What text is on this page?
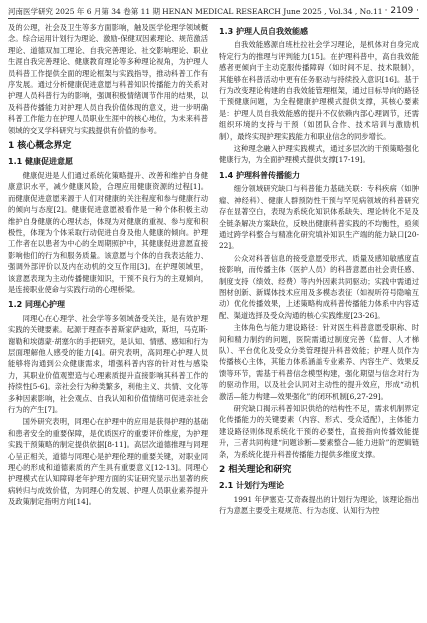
河南医学研究 2025 年 6 月第 34 卷第 11 期 HENAN MEDICAL RESEARCH June 2025 , Vol.34 , No.11 · 2109 ·

及的公理，社会及卫生等多方面影响，触及医学伦理学领域概念。综合运用计划行为理论、激励-保健双因素理论、规范激活理论、道德双加工理论、自我完善理论、社交影响理论、职业生涯自我完善理论、健康教育理论等多种理论视角，为护理人员科普工作提供全面的理论框架与实践指导，推动科普工作有序发展。通过分析健康促进意愿与科普知识传播能力的关系对护理人员科普行为的影响，强调积极情绪调节作用的结果，以及科普传播能力对护理人员自我价值体现的意义，进一步明确科普工作能力在护理人员职业生涯中的核心地位，为未来科普领域的交叉学科研究与实践提供有价值的参考。

1 核心概念界定
1.1 健康促进意愿

健康促进是人们通过系统化策略提升、改善和维护自身健康意识水平，减少健康风险，合理应用健康资源的过程[1]。而健康促进意愿来源于人们对健康的关注程度和参与健康行动的倾向与态度[2]。健康促进意愿被看作是一种个体积极主动维护自身健康的心理状态，体现为对健康的重视、参与度和积极性，体现为个体采取行动促进自身及他人健康的倾向。护理工作者在以患者为中心的全周期照护中，其健康促进意愿直接影响他们的行为和服务质量。该意愿与个体的自我表达能力、强调外部评价以及内在动机的交互作用[3]。在护理领域里，该意愿表现为主动传播健康知识，干预不良行为的主观倾向，是连接职业使命与实践行动的心理桥梁。

1.2 同理心护理

同理心在心理学、社会学等多领域备受关注，是有效护理实践的关键要素。起源于理查李普斯家萨迪欧，斯坦，马克斯·谢勒和埃德蒙·胡塞尔的手把研究，是认知、情感、感知和行为层面理解他人感受的能力[4]。研究表明，高同理心护理人员能够将沟通到公众健康需求，增强科普内容的针对性与感染力，其职业价值观塑造与心理素质提升直接影响其科普工作的持续性[5-6]。亲社会行为种类繁多，利他主义、共情、文化等多种因素影响，社会观点、自我认知和价值情绪可促进亲社会行为的产生[7]。

国外研究表明，同理心在护理中的应用是获得护理的基础和患者安全的重要保障，是优质医疗的重要评价维度，为护理实践干预策略的制定提供依据[8-11]。高层次道德推理与同理心呈正相关，道德与同理心是护理伦理的重要关键，对职业同理心的形成和道德素质的产生具有重要意义[12-13]。同理心护理模式在认知障碍老年护理方面的实证研究显示出显著的疾病转归与成效价值，为同理心的发展、护理人员职业素养提升及政策制定指明方向[14]。

1.3 护理人员自我效能感

自我效能感源自班杜拉社会学习理论，是机体对自身完成特定行为的推理与评判能力[15]。在护理科普中，高自我效能感者更倾向于主动克服传播障碍（如时间不足、技术限制），其能够在科普活动中更有任务驱动与持续投入意识[16]。基于行为改变理论构建的自我效能管理框架，通过目标导向的路径干预健康问题，为全程健康护理模式提供支撑，其核心要素是：护理人员自我效能感的提升不仅依赖内部心理调节，还需组织环境的支持与干预（如团队合作、技术培训与激励机制），最终实现护理实践能力和职业信念的同步增长。

这种理念融入护理实践模式，通过多层次的干预策略强化健康行为，为全面护理模式提供支撑[17-19]。

1.4 护理科普传播能力

细分领域研究缺口与科普能力基础关联：专科疾病（如肿瘤、神经科）、健康人群预防性干预与罕见病领域的科普研究存在显著空白，表现为系统化知识体系缺失、理论转化不足及全链条解决方案缺位，反映出健康科普实践的不均衡性，亟须通过跨学科整合与精准化研究填补知识生产端的能力缺口[20-22]。

公众对科普信息的接受意愿受形式、质量及感知敏感度直接影响，而传播主体（医护人员）的科普意愿由社会责任感、制度支持（绩效、经费）等内外因素共同驱动；实践中需通过图材创新、新媒体技术应用及多模态表征（如视听符号隐喻互动）优化传播效果，上述策略构成科普传播能力体系中内容适配、渠道选择及受众沟通的核心实践维度[23-26]。

主体角色与能力建设路径：针对医生科普意愿受职称、时间和精力制约的问题，医院需通过制度完善（监督、人才梯队）、平台优化及受众分类管理提升科普效能；护理人员作为传播核心主体，其能力体系涵盖专业素养、内容生产、效果反馈等环节，需基于科普信念模型构建，强化期望与信念对行为的驱动作用，以及社会认同对主动性的提升效应，形成“动机激活—能力构建—效果强化”的闭环机制[6,27-29]。

研究缺口揭示科普知识供给的结构性不足，需求机制界定化传播能力的关键要素（内容、形式、受众适配），主体能力建设路径则体现系统化干预的必要性，直接指向传播效能提升，三者共同构建“问题诊断—要素整合—能力进阶”的逻辑链条，为系统化提升科普传播能力提供多维度支撑。

2 相关理论和研究
2.1 计划行为理论

1991 年伊塞克·艾奇森提出的计划行为理论，该理论指出行为意愿主要受主观规范、行为态度、认知行为控
